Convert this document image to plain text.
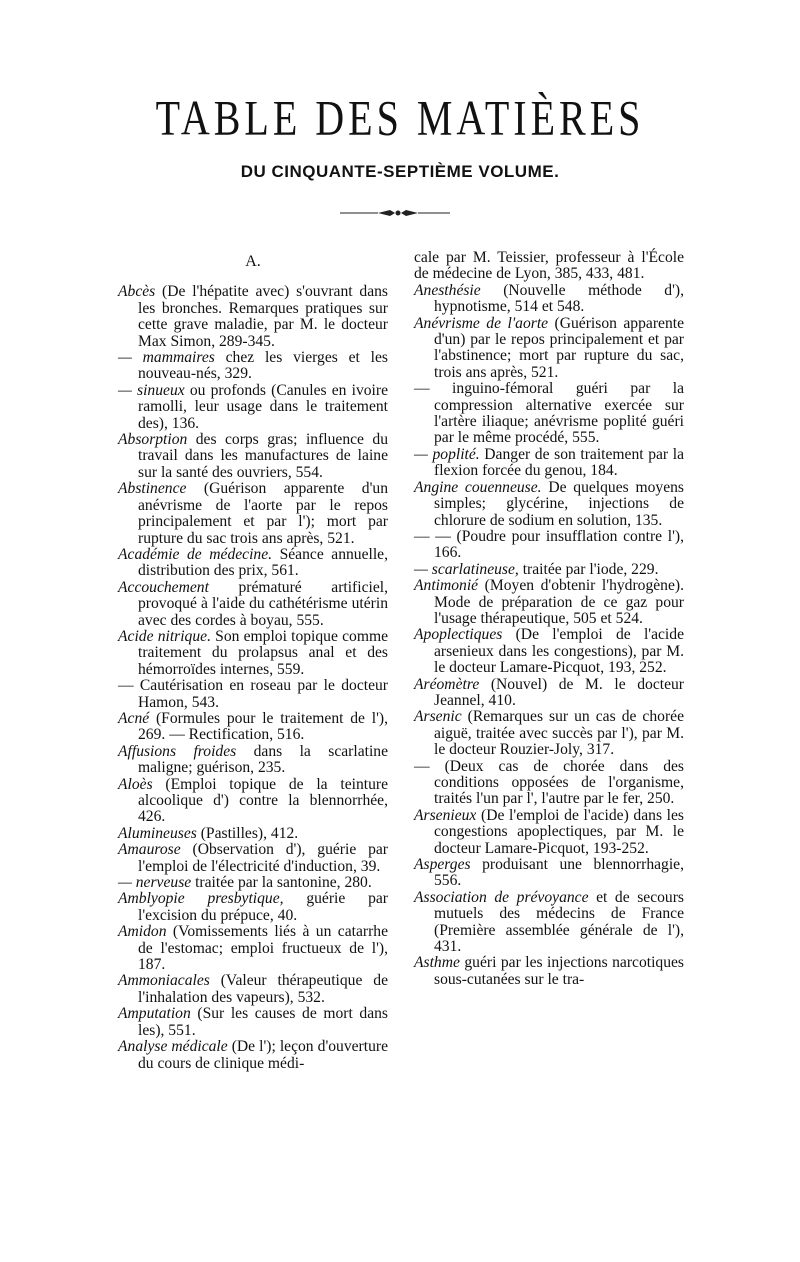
TABLE DES MATIÈRES
DU CINQUANTE-SEPTIÈME VOLUME.
A.

Abcès (De l'hépatite avec) s'ouvrant dans les bronches. Remarques pratiques sur cette grave maladie, par M. le docteur Max Simon, 289-345.

— mammaires chez les vierges et les nouveau-nés, 329.

— sinueux ou profonds (Canules en ivoire ramolli, leur usage dans le traitement des), 136.

Absorption des corps gras; influence du travail dans les manufactures de laine sur la santé des ouvriers, 554.

Abstinence (Guérison apparente d'un anévrisme de l'aorte par le repos principalement et par l'); mort par rupture du sac trois ans après, 521.

Académie de médecine. Séance annuelle, distribution des prix, 561.

Accouchement prématuré artificiel, provoqué à l'aide du cathétérisme utérin avec des cordes à boyau, 555.

Acide nitrique. Son emploi topique comme traitement du prolapsus anal et des hémorroïdes internes, 559.

— Cautérisation en roseau par le docteur Hamon, 543.

Acné (Formules pour le traitement de l'), 269. — Rectification, 516.

Affusions froides dans la scarlatine maligne; guérison, 235.

Aloès (Emploi topique de la teinture alcoolique d') contre la blennorrhée, 426.

Alumineuses (Pastilles), 412.

Amaurose (Observation d'), guérie par l'emploi de l'électricité d'induction, 39.

— nerveuse traitée par la santonine, 280.

Amblyopie presbytique, guérie par l'excision du prépuce, 40.

Amidon (Vomissements liés à un catarrhe de l'estomac; emploi fructueux de l'), 187.

Ammoniacales (Valeur thérapeutique de l'inhalation des vapeurs), 532.

Amputation (Sur les causes de mort dans les), 551.

Analyse médicale (De l'); leçon d'ouverture du cours de clinique médi-

cale par M. Teissier, professeur à l'École de médecine de Lyon, 385, 433, 481.

Anesthésie (Nouvelle méthode d'), hypnotisme, 514 et 548.

Anévrisme de l'aorte (Guérison apparente d'un) par le repos principalement et par l'abstinence; mort par rupture du sac, trois ans après, 521.

— inguino-fémoral guéri par la compression alternative exercée sur l'artère iliaque; anévrisme poplité guéri par le même procédé, 555.

— poplité. Danger de son traitement par la flexion forcée du genou, 184.

Angine couenneuse. De quelques moyens simples; glycérine, injections de chlorure de sodium en solution, 135.

— — (Poudre pour insufflation contre l'), 166.

— scarlatineuse, traitée par l'iode, 229.

Antimonié (Moyen d'obtenir l'hydrogène). Mode de préparation de ce gaz pour l'usage thérapeutique, 505 et 524.

Apoplectiques (De l'emploi de l'acide arsenieux dans les congestions), par M. le docteur Lamare-Picquot, 193, 252.

Aréomètre (Nouvel) de M. le docteur Jeannel, 410.

Arsenic (Remarques sur un cas de chorée aiguë, traitée avec succès par l'), par M. le docteur Rouzier-Joly, 317.

— (Deux cas de chorée dans des conditions opposées de l'organisme, traités l'un par l', l'autre par le fer, 250.

Arsenieux (De l'emploi de l'acide) dans les congestions apoplectiques, par M. le docteur Lamare-Picquot, 193-252.

Asperges produisant une blennorrhagie, 556.

Association de prévoyance et de secours mutuels des médecins de France (Première assemblée générale de l'), 431.

Asthme guéri par les injections narcotiques sous-cutanées sur le tra-
